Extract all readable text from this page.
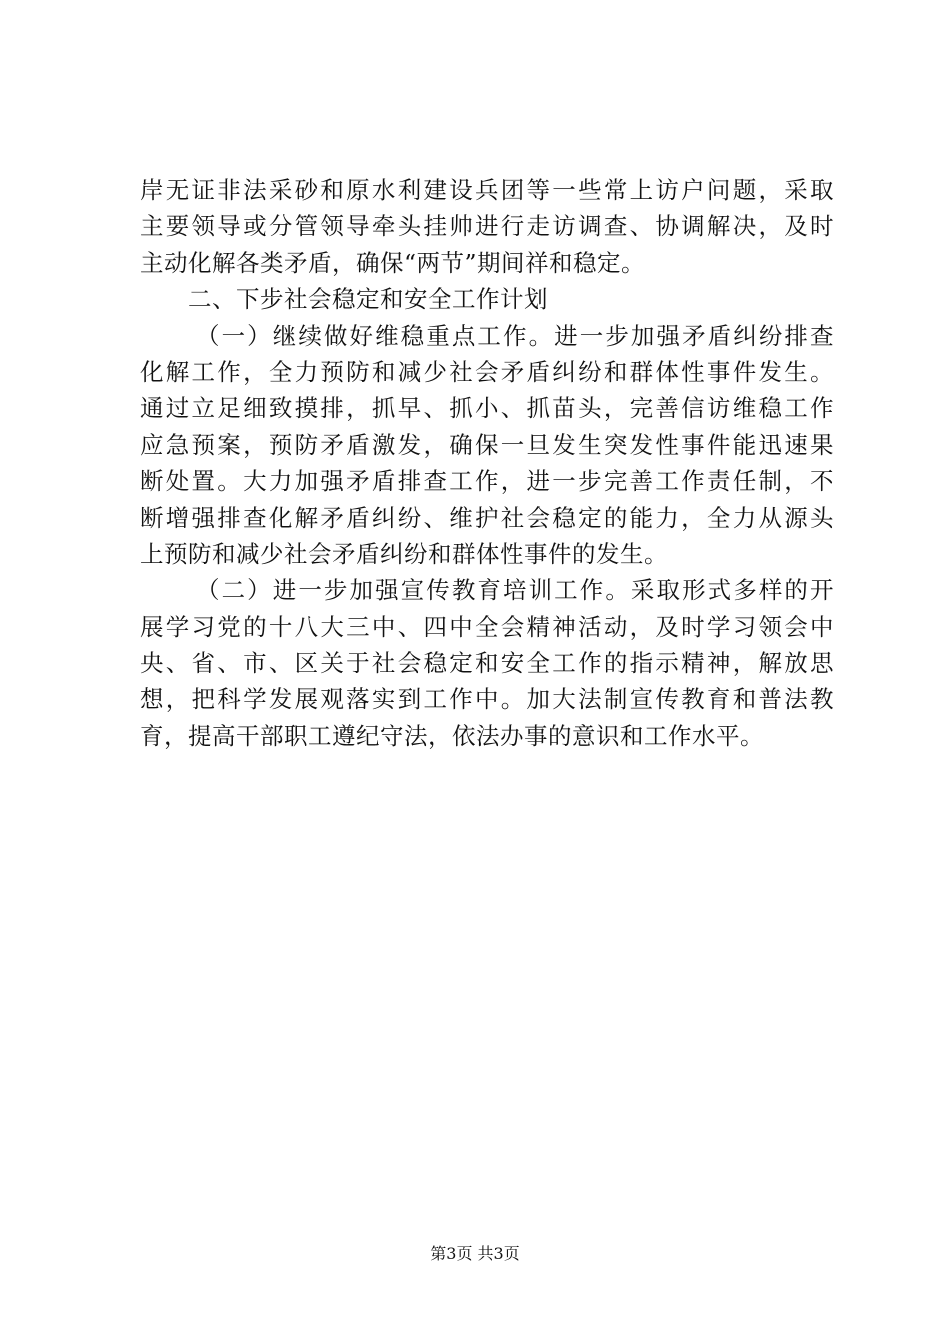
岸无证非法采砂和原水利建设兵团等一些常上访户问题，采取
主要领导或分管领导牵头挂帅进行走访调查、协调解决，及时
主动化解各类矛盾，确保“两节”期间祥和稳定。
二、下步社会稳定和安全工作计划
（一）继续做好维稳重点工作。进一步加强矛盾纠纷排查
化解工作，全力预防和减少社会矛盾纠纷和群体性事件发生。
通过立足细致摸排，抓早、抓小、抓苗头，完善信访维稳工作
应急预案，预防矛盾激发，确保一旦发生突发性事件能迅速果
断处置。大力加强矛盾排查工作，进一步完善工作责任制，不
断增强排查化解矛盾纠纷、维护社会稳定的能力，全力从源头
上预防和减少社会矛盾纠纷和群体性事件的发生。
（二）进一步加强宣传教育培训工作。采取形式多样的开
展学习党的十八大三中、四中全会精神活动，及时学习领会中
央、省、市、区关于社会稳定和安全工作的指示精神，解放思
想，把科学发展观落实到工作中。加大法制宣传教育和普法教
育，提高干部职工遵纪守法，依法办事的意识和工作水平。
第3页 共3页
